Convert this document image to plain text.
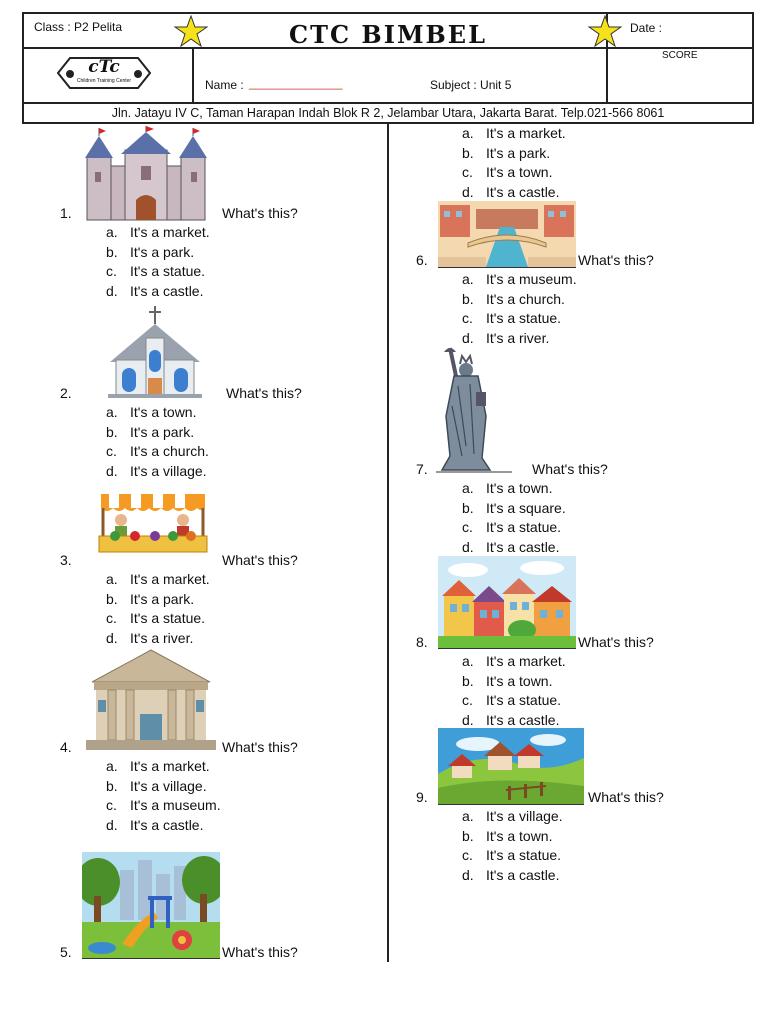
Class : P2 Pelita	CTC BIMBEL	Date :
SCORE
cTc
Children Training Center	Name : ______________	Subject : Unit 5
Jln. Jatayu IV C, Taman Harapan Indah Blok R 2, Jelambar Utara, Jakarta Barat. Telp.021-566 8061
1.	What's this?
a. It's a market.
b. It's a park.
c. It's a statue.
d. It's a castle.
2.	What's this?
a. It's a town.
b. It's a park.
c. It's a church.
d. It's a village.
3.	What's this?
a. It's a market.
b. It's a park.
c. It's a statue.
d. It's a river.
4.	What's this?
a. It's a market.
b. It's a village.
c. It's a museum.
d. It's a castle.
5.	What's this?
a. It's a market.
b. It's a park.
c. It's a town.
d. It's a castle.
6.	What's this?
a. It's a museum.
b. It's a church.
c. It's a statue.
d. It's a river.
7.	What's this?
a. It's a town.
b. It's a square.
c. It's a statue.
d. It's a castle.
8.	What's this?
a. It's a market.
b. It's a town.
c. It's a statue.
d. It's a castle.
9.	What's this?
a. It's a village.
b. It's a town.
c. It's a statue.
d. It's a castle.
